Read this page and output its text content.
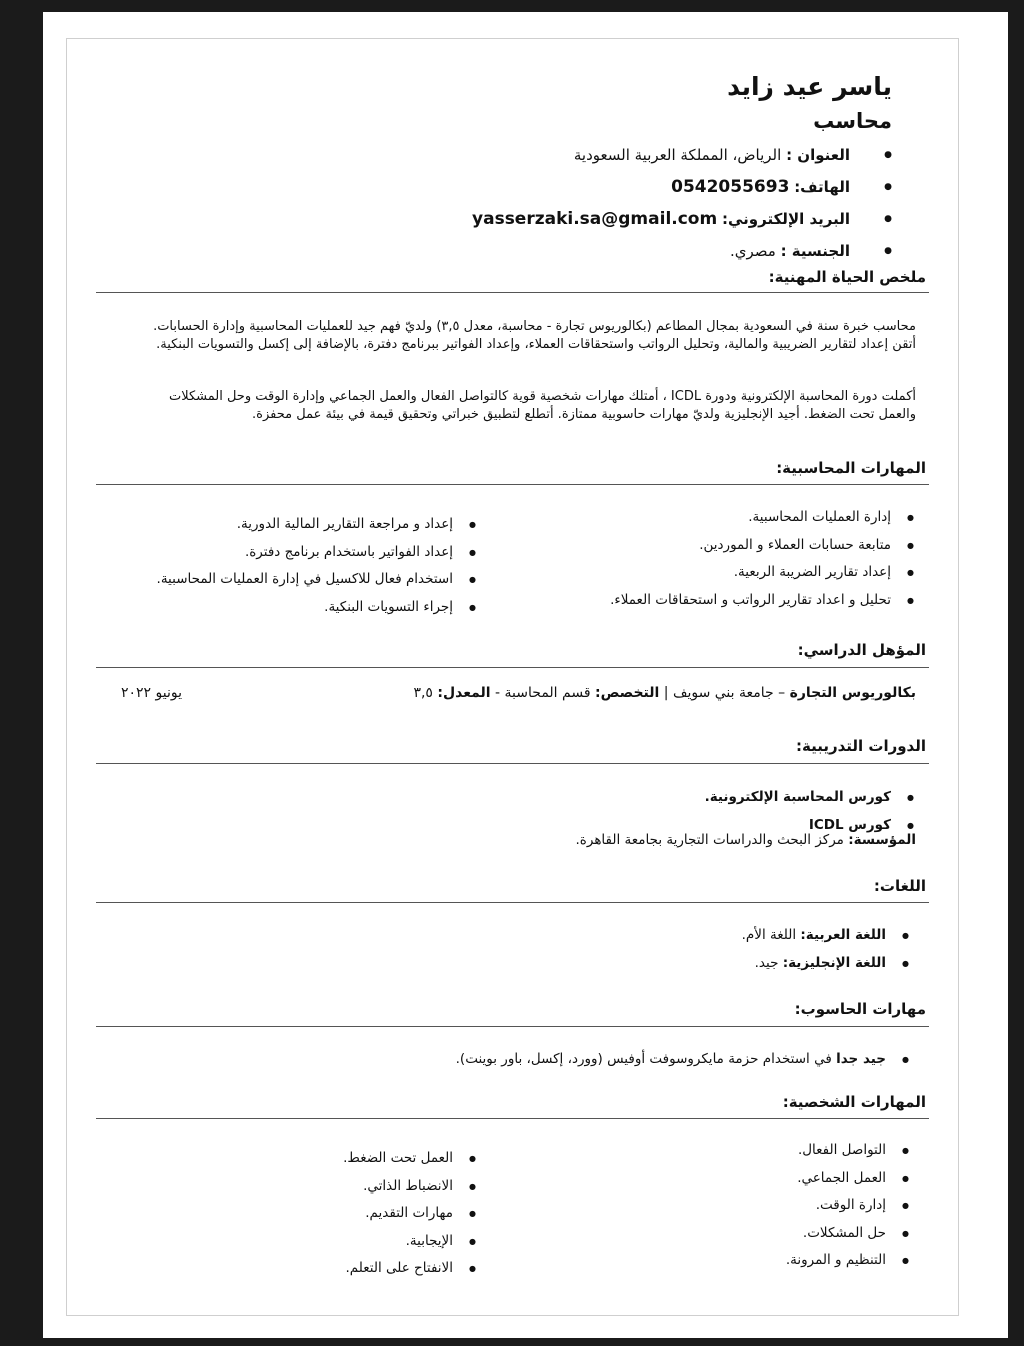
ياسر عيد زايد
محاسب
● العنوان : الرياض، المملكة العربية السعودية
● الهاتف: 0542055693
● البريد الإلكتروني: yasserzaki.sa@gmail.com
● الجنسية : مصري.
ملخص الحياة المهنية:

محاسب خبرة سنة في السعودية بمجال المطاعم (بكالوريوس تجارة - محاسبة، معدل ٣,٥) ولديّ فهم جيد للعمليات المحاسبية وإدارة الحسابات.

أتقن إعداد لتقارير الضريبية والمالية، وتحليل الرواتب واستحقاقات العملاء، وإعداد الفواتير ببرنامج دفترة، بالإضافة إلى إكسل والتسويات البنكية.

أكملت دورة المحاسبة الإلكترونية ودورة ICDL ، أمتلك مهارات شخصية قوية كالتواصل الفعال والعمل الجماعي وإدارة الوقت وحل المشكلات

والعمل تحت الضغط. أجيد الإنجليزية ولديّ مهارات حاسوبية ممتازة. أتطلع لتطبيق خبراتي وتحقيق قيمة في بيئة عمل محفزة.

المهارات المحاسبية:
● إدارة العمليات المحاسبية.
● متابعة حسابات العملاء و الموردين.
● إعداد تقارير الضريبة الربعية.
● تحليل و اعداد تقارير الرواتب و استحقاقات العملاء.
● إعداد و مراجعة التقارير المالية الدورية.
● إعداد الفواتير باستخدام برنامج دفترة.
● استخدام فعال للاكسيل في إدارة العمليات المحاسبية.
● إجراء التسويات البنكية.
المؤهل الدراسي:
بكالوريوس التجارة – جامعة بني سويف | التخصص: قسم المحاسبة - المعدل: ٣,٥
يونيو ٢٠٢٢
الدورات التدريبية:
● كورس المحاسبة الإلكترونية.
● كورس ICDL
المؤسسة: مركز البحث والدراسات التجارية بجامعة القاهرة.
اللغات:
● اللغة العربية: اللغة الأم.
● اللغة الإنجليزية: جيد.
مهارات الحاسوب:
● جيد جدا في استخدام حزمة مايكروسوفت أوفيس (وورد، إكسل، باور بوينت).
المهارات الشخصية:
● التواصل الفعال.
● العمل الجماعي.
● إدارة الوقت.
● حل المشكلات.
● التنظيم و المرونة.
● العمل تحت الضغط.
● الانضباط الذاتي.
● مهارات التقديم.
● الإيجابية.
● الانفتاح على التعلم.
